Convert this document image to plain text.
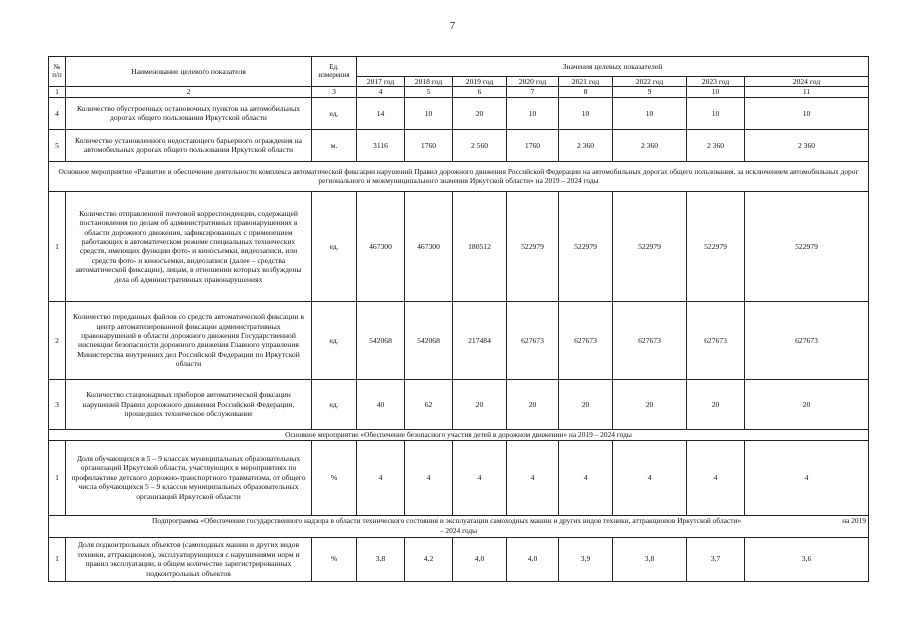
7
№ п/п	Наименование целевого показателя	Ед. измерения	Значения целевых показателей							
			2017 год	2018 год	2019 год	2020 год	2021 год	2022 год	2023 год	2024 год
1	2	3	4	5	6	7	8	9	10	11
4	Количество обустроенных остановочных пунктов на автомобильных дорогах общего пользования Иркутской области	ед.	14	10	20	10	10	10	10	10
5	Количество установленного недостающего барьерного ограждения на автомобильных дорогах общего пользования Иркутской области	м.	3116	1760	2 560	1760	2 360	2 360	2 360	2 360
Основное мероприятие «Развитие и обеспечение деятельности комплекса автоматической фиксации нарушений Правил дорожного движения Российской Федерации на автомобильных дорогах общего пользования, за исключением автомобильных дорог регионального и межмуниципального значения Иркутской области» на 2019 – 2024 годы										
1	Количество отправленной почтовой корреспонденции, содержащей постановления по делам об административных правонарушениях в области дорожного движения, зафиксированных с применением работающих в автоматическом режиме специальных технических средств, имеющих функции фото- и киносъемки, видеозаписи, или средств фото- и киносъемки, видеозаписи (далее – средства автоматической фиксации), лицам, в отношении которых возбуждены дела об административных правонарушениях	ед.	467300	467300	180512	522979	522979	522979	522979	522979
2	Количество переданных файлов со средств автоматической фиксации в центр автоматизированной фиксации административных правонарушений в области дорожного движения Государственной инспекции безопасности дорожного движения Главного управления Министерства внутренних дел Российской Федерации по Иркутской области	ед.	542068	542068	217484	627673	627673	627673	627673	627673
3	Количество стационарных приборов автоматической фиксации нарушений Правил дорожного движения Российской Федерации, прошедших техническое обслуживание	ед.	40	62	20	20	20	20	20	20
Основное мероприятие «Обеспечение безопасного участия детей в дорожном движении» на 2019 – 2024 годы										
1	Доля обучающихся в 5 – 9 классах муниципальных образовательных организаций Иркутской области, участвующих в мероприятиях по профилактике детского дорожно-транспортного травматизма, от общего числа обучающихся 5 – 9 классов муниципальных образовательных организаций Иркутской области	%	4	4	4	4	4	4	4	4

на 2019
Подпрограмма «Обеспечение государственного надзора в области технического состояния и эксплуатации самоходных машин и других видов техники, аттракционов Иркутской области»
– 2024 годы										

1	Доля подконтрольных объектов (самоходных машин и других видов техники, аттракционов), эксплуатирующихся с нарушениями норм и правил эксплуатации, в общем количестве зарегистрированных подконтрольных объектов	%	3,8	4,2	4,0	4,0	3,9	3,8	3,7	3,6
